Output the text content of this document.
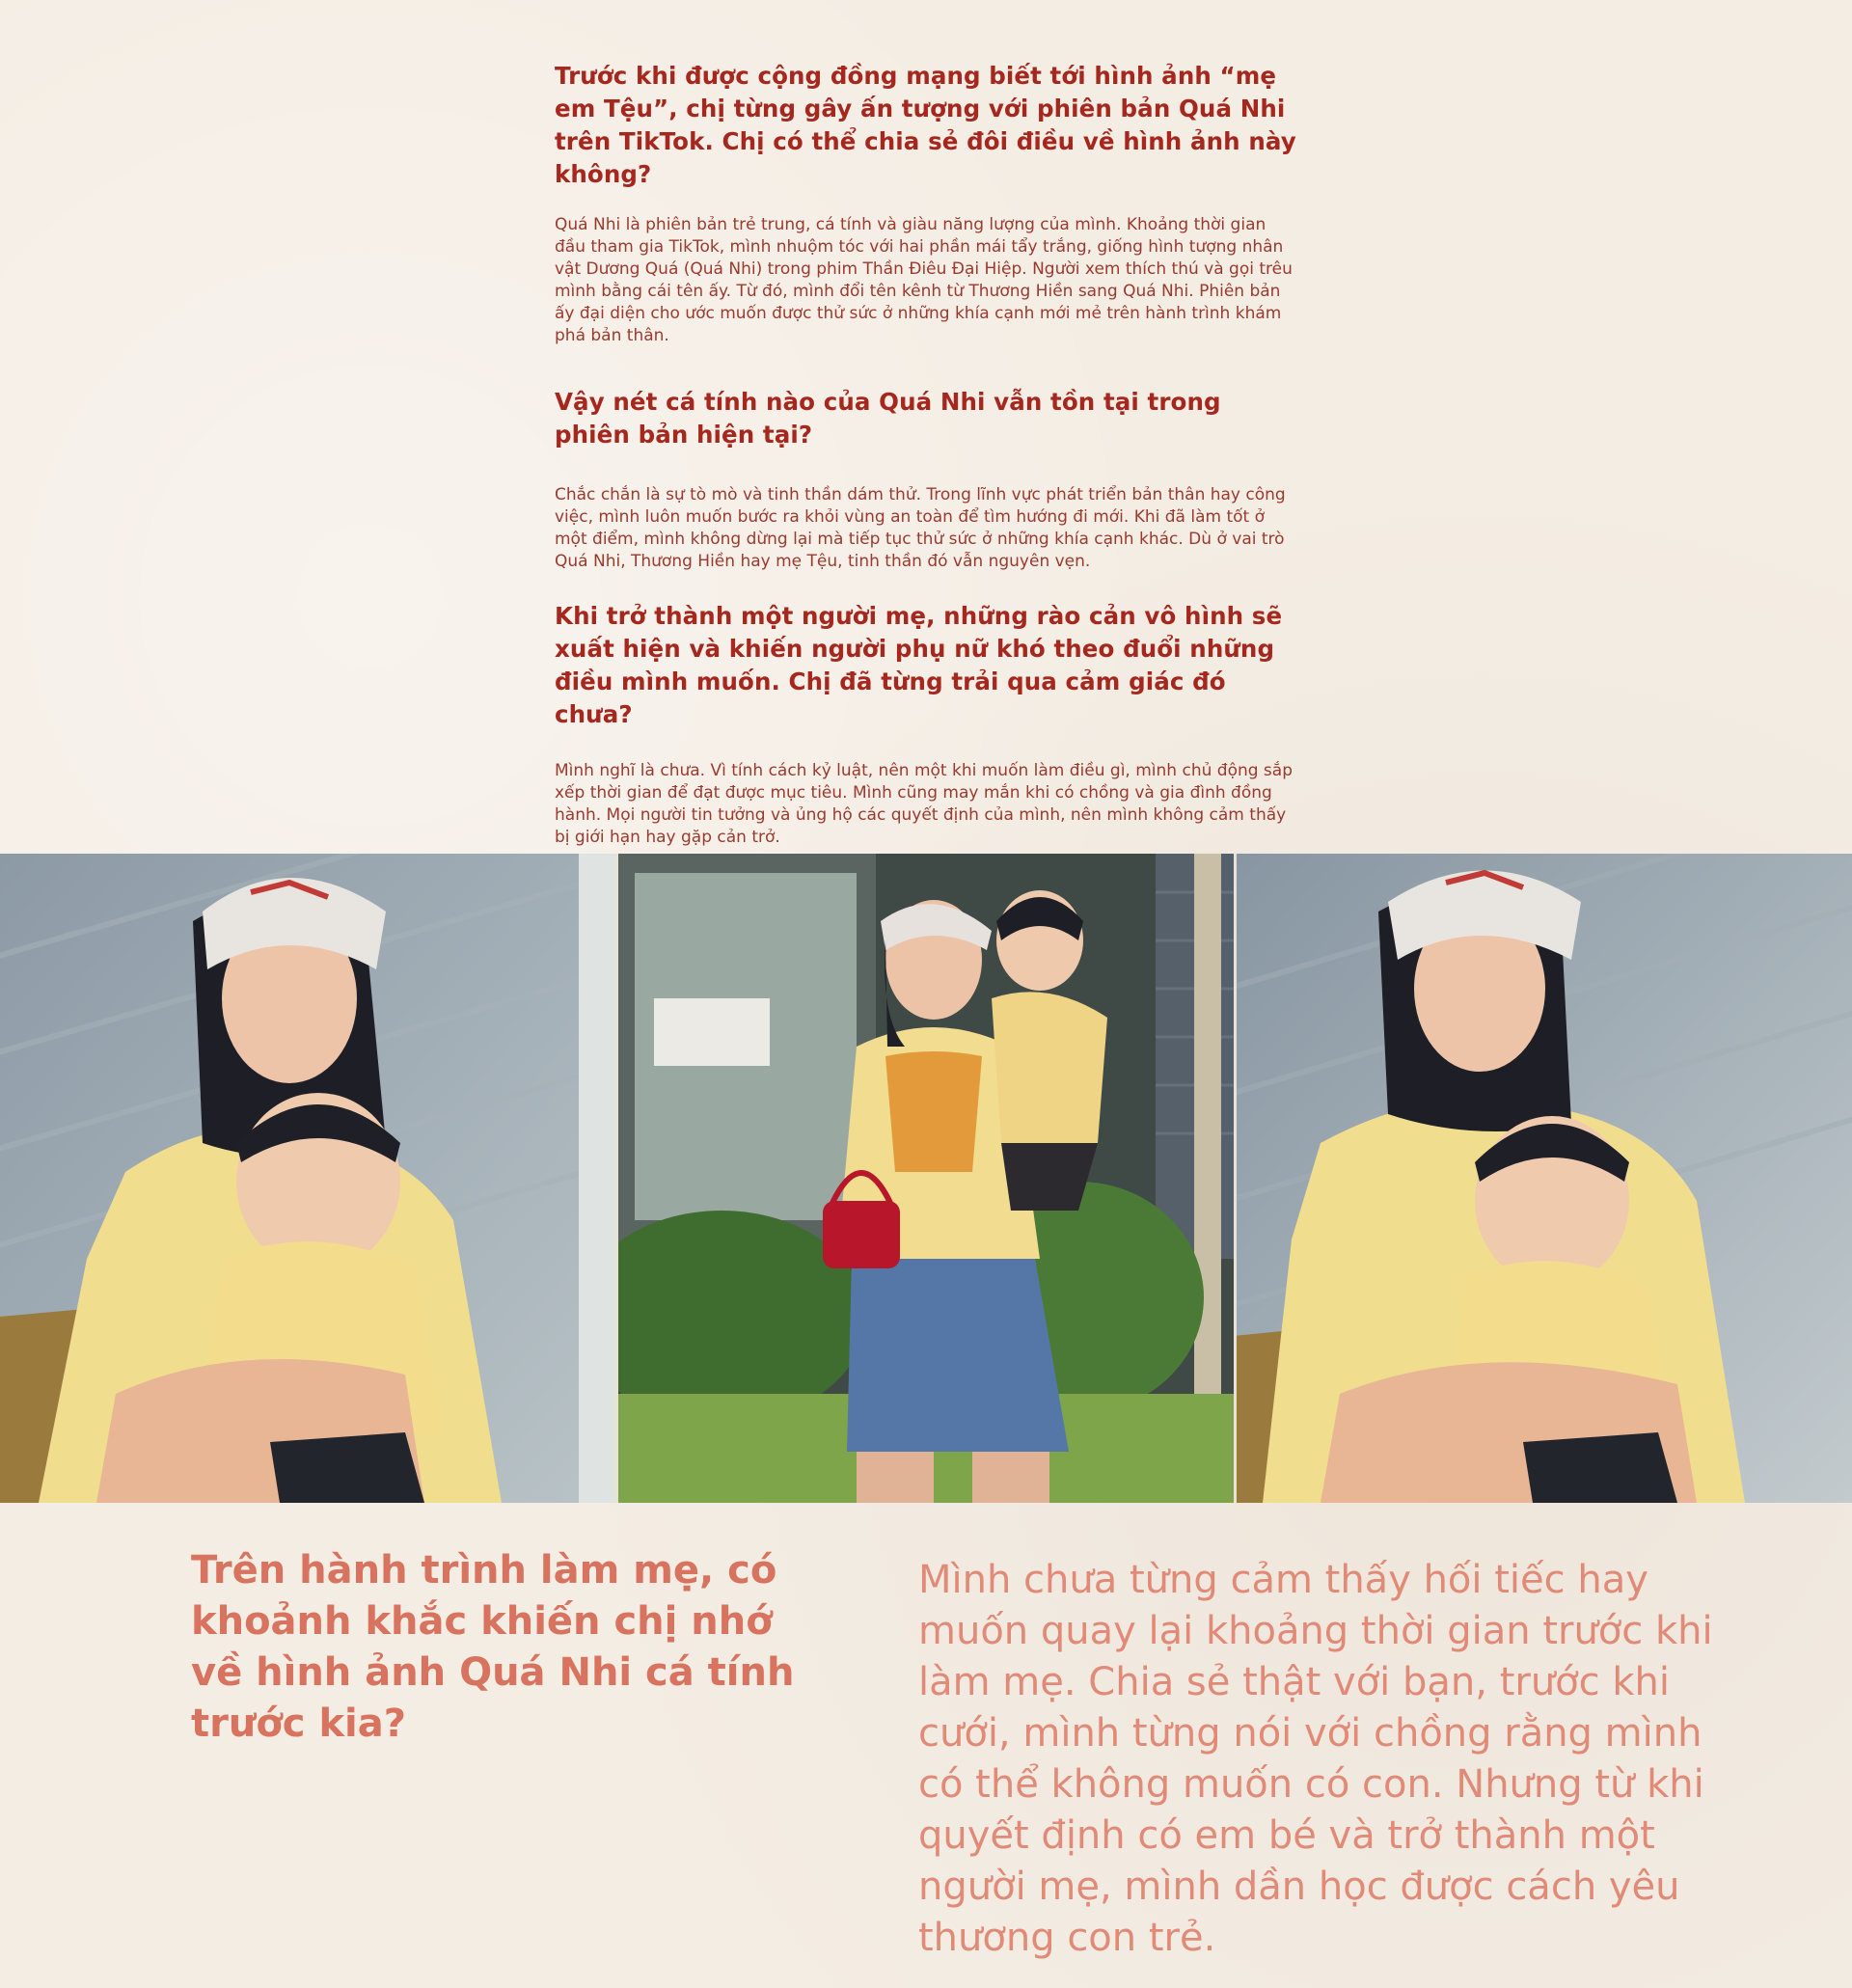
Trước khi được cộng đồng mạng biết tới hình ảnh “mẹ em Tệu”, chị từng gây ấn tượng với phiên bản Quá Nhi trên TikTok. Chị có thể chia sẻ đôi điều về hình ảnh này không?

Quá Nhi là phiên bản trẻ trung, cá tính và giàu năng lượng của mình. Khoảng thời gian đầu tham gia TikTok, mình nhuộm tóc với hai phần mái tẩy trắng, giống hình tượng nhân vật Dương Quá (Quá Nhi) trong phim Thần Điêu Đại Hiệp. Người xem thích thú và gọi trêu mình bằng cái tên ấy. Từ đó, mình đổi tên kênh từ Thương Hiền sang Quá Nhi. Phiên bản ấy đại diện cho ước muốn được thử sức ở những khía cạnh mới mẻ trên hành trình khám phá bản thân.

Vậy nét cá tính nào của Quá Nhi vẫn tồn tại trong phiên bản hiện tại?

Chắc chắn là sự tò mò và tinh thần dám thử. Trong lĩnh vực phát triển bản thân hay công việc, mình luôn muốn bước ra khỏi vùng an toàn để tìm hướng đi mới. Khi đã làm tốt ở một điểm, mình không dừng lại mà tiếp tục thử sức ở những khía cạnh khác. Dù ở vai trò Quá Nhi, Thương Hiền hay mẹ Tệu, tinh thần đó vẫn nguyên vẹn.

Khi trở thành một người mẹ, những rào cản vô hình sẽ xuất hiện và khiến người phụ nữ khó theo đuổi những điều mình muốn. Chị đã từng trải qua cảm giác đó chưa?

Mình nghĩ là chưa. Vì tính cách kỷ luật, nên một khi muốn làm điều gì, mình chủ động sắp xếp thời gian để đạt được mục tiêu. Mình cũng may mắn khi có chồng và gia đình đồng hành. Mọi người tin tưởng và ủng hộ các quyết định của mình, nên mình không cảm thấy bị giới hạn hay gặp cản trở.

Trên hành trình làm mẹ, có khoảnh khắc khiến chị nhớ về hình ảnh Quá Nhi cá tính trước kia?

Mình chưa từng cảm thấy hối tiếc hay muốn quay lại khoảng thời gian trước khi làm mẹ. Chia sẻ thật với bạn, trước khi cưới, mình từng nói với chồng rằng mình có thể không muốn có con. Nhưng từ khi quyết định có em bé và trở thành một người mẹ, mình dần học được cách yêu thương con trẻ.
